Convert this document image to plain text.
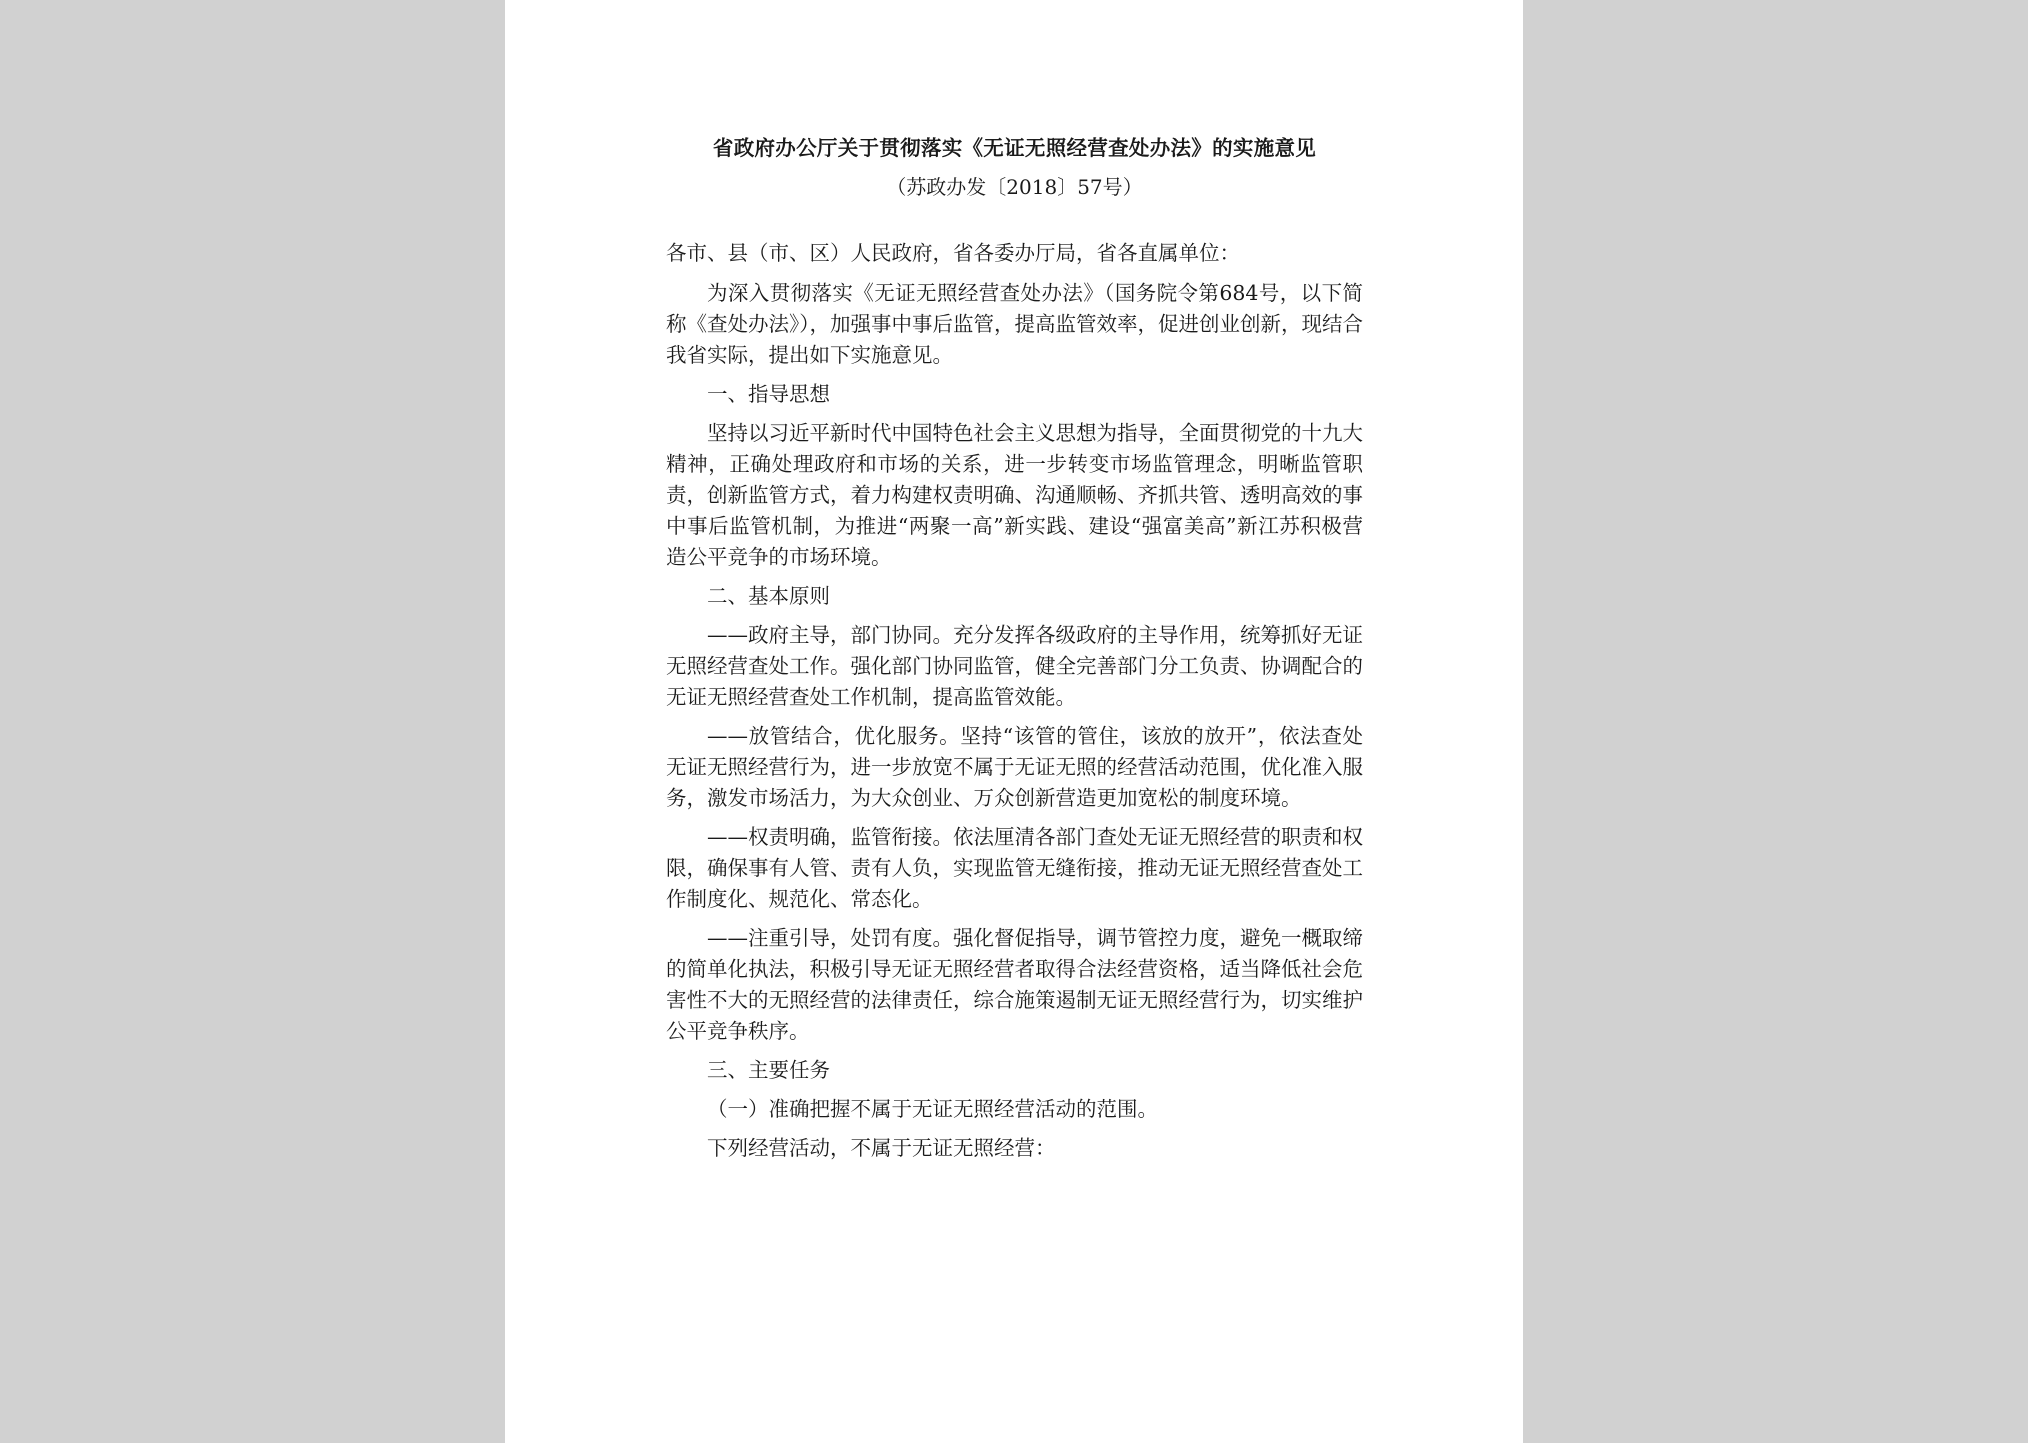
省政府办公厅关于贯彻落实《无证无照经营查处办法》的实施意见

（苏政办发〔2018〕57号）

各市、县（市、区）人民政府，省各委办厅局，省各直属单位：

为深入贯彻落实《无证无照经营查处办法》（国务院令第684号，以下简称《查处办法》），加强事中事后监管，提高监管效率，促进创业创新，现结合我省实际，提出如下实施意见。

一、指导思想

坚持以习近平新时代中国特色社会主义思想为指导，全面贯彻党的十九大精神，正确处理政府和市场的关系，进一步转变市场监管理念，明晰监管职责，创新监管方式，着力构建权责明确、沟通顺畅、齐抓共管、透明高效的事中事后监管机制，为推进“两聚一高”新实践、建设“强富美高”新江苏积极营造公平竞争的市场环境。

二、基本原则

——政府主导，部门协同。充分发挥各级政府的主导作用，统筹抓好无证无照经营查处工作。强化部门协同监管，健全完善部门分工负责、协调配合的无证无照经营查处工作机制，提高监管效能。

——放管结合，优化服务。坚持“该管的管住，该放的放开”，依法查处无证无照经营行为，进一步放宽不属于无证无照的经营活动范围，优化准入服务，激发市场活力，为大众创业、万众创新营造更加宽松的制度环境。

——权责明确，监管衔接。依法厘清各部门查处无证无照经营的职责和权限，确保事有人管、责有人负，实现监管无缝衔接，推动无证无照经营查处工作制度化、规范化、常态化。

——注重引导，处罚有度。强化督促指导，调节管控力度，避免一概取缔的简单化执法，积极引导无证无照经营者取得合法经营资格，适当降低社会危害性不大的无照经营的法律责任，综合施策遏制无证无照经营行为，切实维护公平竞争秩序。

三、主要任务

（一）准确把握不属于无证无照经营活动的范围。

下列经营活动，不属于无证无照经营：
